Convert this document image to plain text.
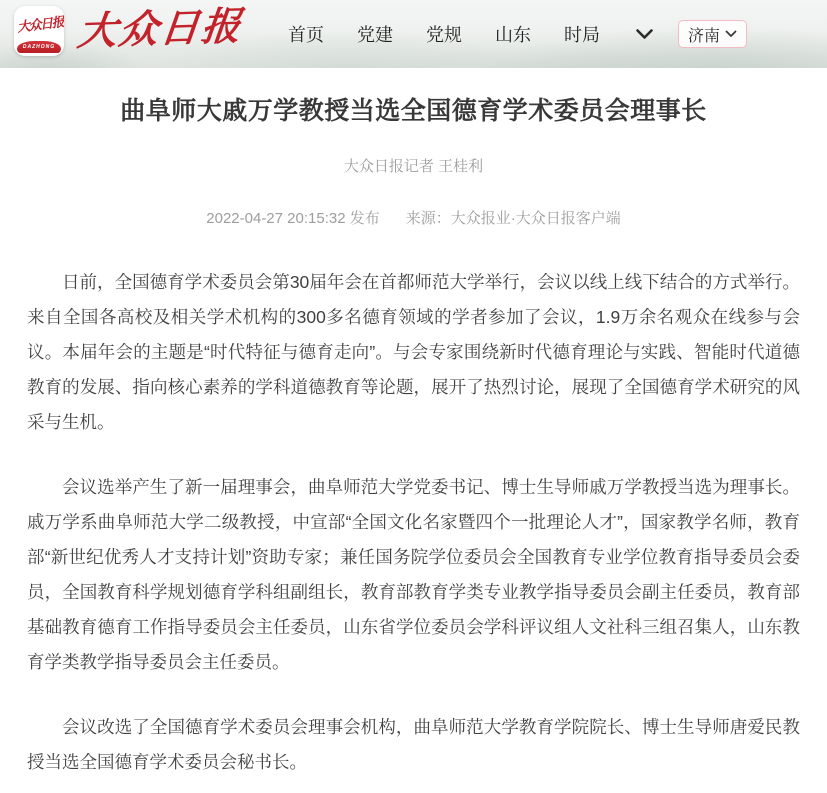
大众日报
DAZHONG 大众日报 首页 党建 党规 山东 时局	济南
曲阜师大戚万学教授当选全国德育学术委员会理事长
大众日报记者 王桂利
2022-04-27 20:15:32 发布 来源：大众报业·大众日报客户端

日前，全国德育学术委员会第30届年会在首都师范大学举行，会议以线上线下结合的方式举行。来自全国各高校及相关学术机构的300多名德育领域的学者参加了会议，1.9万余名观众在线参与会议。本届年会的主题是“时代特征与德育走向”。与会专家围绕新时代德育理论与实践、智能时代道德教育的发展、指向核心素养的学科道德教育等论题，展开了热烈讨论，展现了全国德育学术研究的风采与生机。

会议选举产生了新一届理事会，曲阜师范大学党委书记、博士生导师戚万学教授当选为理事长。戚万学系曲阜师范大学二级教授，中宣部“全国文化名家暨四个一批理论人才”，国家教学名师，教育部“新世纪优秀人才支持计划”资助专家；兼任国务院学位委员会全国教育专业学位教育指导委员会委员，全国教育科学规划德育学科组副组长，教育部教育学类专业教学指导委员会副主任委员，教育部基础教育德育工作指导委员会主任委员，山东省学位委员会学科评议组人文社科三组召集人，山东教育学类教学指导委员会主任委员。

会议改选了全国德育学术委员会理事会机构，曲阜师范大学教育学院院长、博士生导师唐爱民教授当选全国德育学术委员会秘书长。
